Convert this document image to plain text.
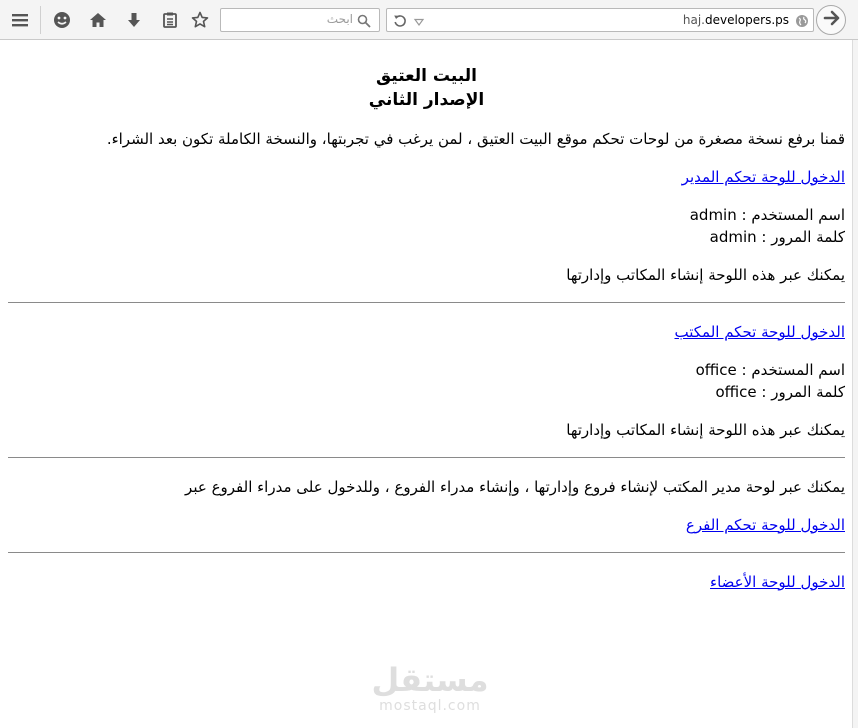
ابحث	haj.developers.ps
البيت العتيق
الإصدار الثاني

قمنا برفع نسخة مصغرة من لوحات تحكم موقع البيت العتيق ، لمن يرغب في تجربتها، والنسخة الكاملة تكون بعد الشراء.

الدخول للوحة تحكم المدير

اسم المستخدم : admin
كلمة المرور : admin

يمكنك عبر هذه اللوحة إنشاء المكاتب وإدارتها

الدخول للوحة تحكم المكتب

اسم المستخدم : office
كلمة المرور : office

يمكنك عبر هذه اللوحة إنشاء المكاتب وإدارتها

يمكنك عبر لوحة مدير المكتب لإنشاء فروع وإدارتها ، وإنشاء مدراء الفروع ، وللدخول على مدراء الفروع عبر

الدخول للوحة تحكم الفرع

الدخول للوحة الأعضاء

مستقل
mostaql.com
